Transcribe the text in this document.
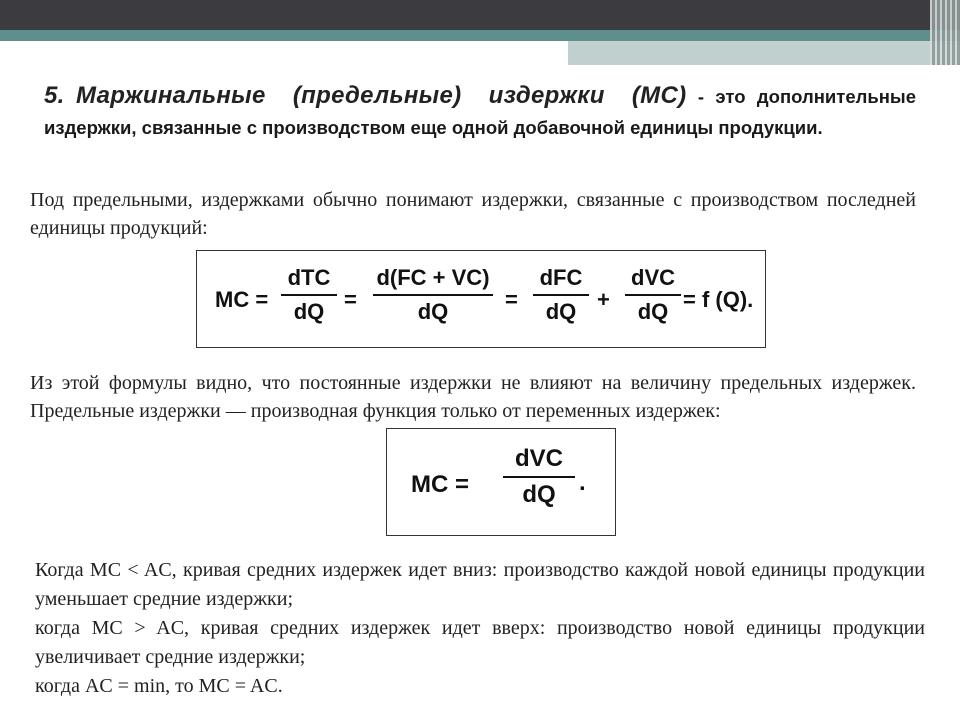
5. Маржинальные (предельные) издержки (МС) - это дополнительные издержки, связанные с производством еще одной добавочной единицы продукции.
Под предельными, издержками обычно понимают издержки, связанные с производством последней единицы продукций:
MC =
dTC
dQ =
d(FC + VC)
dQ	=
dFC
dQ +
dVC
dQ = f (Q).
Из этой формулы видно, что постоянные издержки не влияют на величину предельных издержек. Предельные издержки — производная функция только от переменных издержек:
MC =
dVC
dQ .
Когда MC < AC, кривая средних издержек идет вниз: производство каждой новой единицы продукции уменьшает средние издержки;
когда MC > AC, кривая средних издержек идет вверх: производство новой единицы продукции увеличивает средние издержки;
когда AC = min, то MC = AC.
